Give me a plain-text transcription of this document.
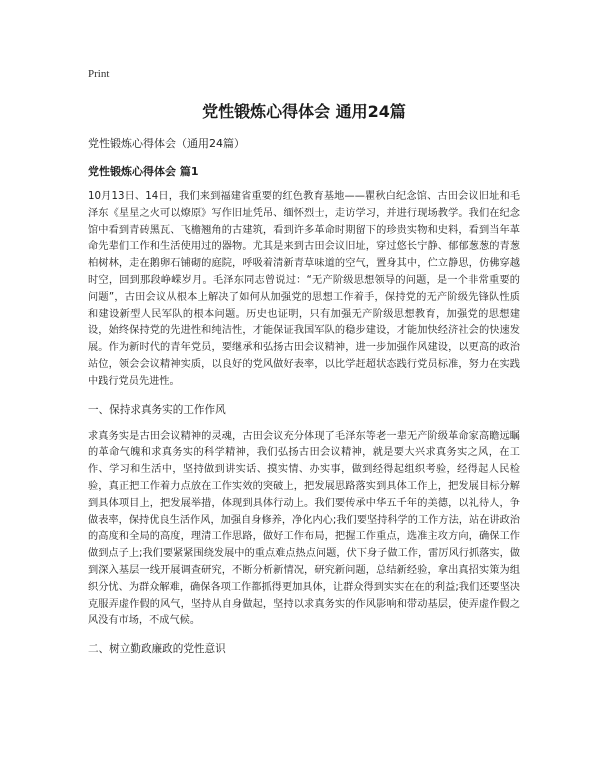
Print
党性锻炼心得体会 通用24篇
党性锻炼心得体会（通用24篇）
党性锻炼心得体会 篇1

10月13日、14日，我们来到福建省重要的红色教育基地——瞿秋白纪念馆、古田会议旧址和毛泽东《星星之火可以燎原》写作旧址凭吊、缅怀烈士，走访学习，并进行现场教学。我们在纪念馆中看到青砖黑瓦、飞檐翘角的古建筑，看到许多革命时期留下的珍贵实物和史料，看到当年革命先辈们工作和生活使用过的器物。尤其是来到古田会议旧址，穿过悠长宁静、郁郁葱葱的青葱柏树林，走在鹅卵石铺砌的庭院，呼吸着清新青草味道的空气，置身其中，伫立静思，仿佛穿越时空，回到那段峥嵘岁月。毛泽东同志曾说过：“无产阶级思想领导的问题，是一个非常重要的问题”，古田会议从根本上解决了如何从加强党的思想工作着手，保持党的无产阶级先锋队性质和建设新型人民军队的根本问题。历史也证明，只有加强无产阶级思想教育，加强党的思想建设，始终保持党的先进性和纯洁性，才能保证我国军队的稳步建设，才能加快经济社会的快速发展。作为新时代的青年党员，要继承和弘扬古田会议精神，进一步加强作风建设，以更高的政治站位，领会会议精神实质，以良好的党风做好表率，以比学赶超状态践行党员标准，努力在实践中践行党员先进性。

一、保持求真务实的工作作风

求真务实是古田会议精神的灵魂，古田会议充分体现了毛泽东等老一辈无产阶级革命家高瞻远瞩的革命气魄和求真务实的科学精神，我们弘扬古田会议精神，就是要大兴求真务实之风，在工作、学习和生活中，坚持做到讲实话、摸实情、办实事，做到经得起组织考验，经得起人民检验，真正把工作着力点放在工作实效的突破上，把发展思路落实到具体工作上，把发展目标分解到具体项目上，把发展举措，体现到具体行动上。我们要传承中华五千年的美德，以礼待人，争做表率，保持优良生活作风，加强自身修养，净化内心;我们要坚持科学的工作方法，站在讲政治的高度和全局的高度，理清工作思路，做好工作布局，把握工作重点，选准主攻方向，确保工作做到点子上;我们要紧紧围绕发展中的重点难点热点问题，伏下身子做工作，雷厉风行抓落实，做到深入基层一线开展调查研究，不断分析新情况，研究新问题，总结新经验，拿出真招实策为组织分忧、为群众解难，确保各项工作都抓得更加具体，让群众得到实实在在的利益;我们还要坚决克服弄虚作假的风气，坚持从自身做起，坚持以求真务实的作风影响和带动基层，使弄虚作假之风没有市场，不成气候。

二、树立勤政廉政的党性意识
